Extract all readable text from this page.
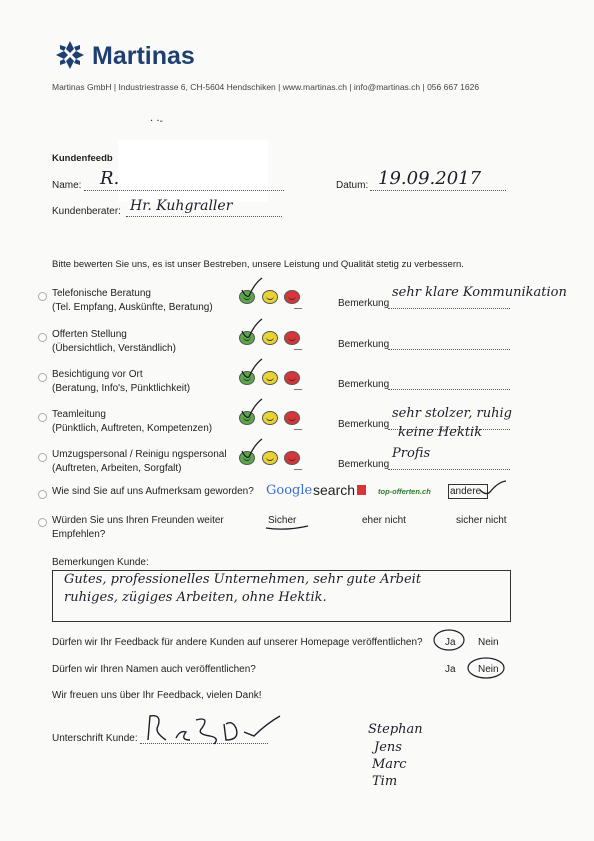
Martinas
Martinas GmbH | Industriestrasse 6, CH-5604 Hendschiken | www.martinas.ch | info@martinas.ch | 056 667 1626
· ·-
Kundenfeedb
Name: R.	Datum: 19.09.2017
Kundenberater: Hr. Kuhgraller
Bitte bewerten Sie uns, es ist unser Bestreben, unsere Leistung und Qualität stetig zu verbessern.
Telefonische Beratung
(Tel. Empfang, Auskünfte, Beratung)	Bemerkung
sehr klare Kommunikation
Offerten Stellung
(Übersichtlich, Verständlich)	Bemerkung
Besichtigung vor Ort
(Beratung, Info's, Pünktlichkeit)	Bemerkung
Teamleitung
(Pünktlich, Auftreten, Kompetenzen)	Bemerkung
sehr stolzer, ruhig
keine Hektik
Umzugspersonal / Reinigu ngspersonal
(Auftreten, Arbeiten, Sorgfalt)	Bemerkung
Profis
Wie sind Sie auf uns Aufmerksam geworden? Google search	top-offerten.ch andere
Würden Sie uns Ihren Freunden weiter
Empfehlen?
Sicher	eher nicht	sicher nicht
Bemerkungen Kunde:
Gutes, professionelles Unternehmen, sehr gute Arbeit
ruhiges, zügiges Arbeiten, ohne Hektik.
Dürfen wir Ihr Feedback für andere Kunden auf unserer Homepage veröffentlichen? Ja Nein
Dürfen wir Ihren Namen auch veröffentlichen?	Ja Nein
Wir freuen uns über Ihr Feedback, vielen Dank!
Unterschrift Kunde:
Stephan
Jens
Marc
Tim
